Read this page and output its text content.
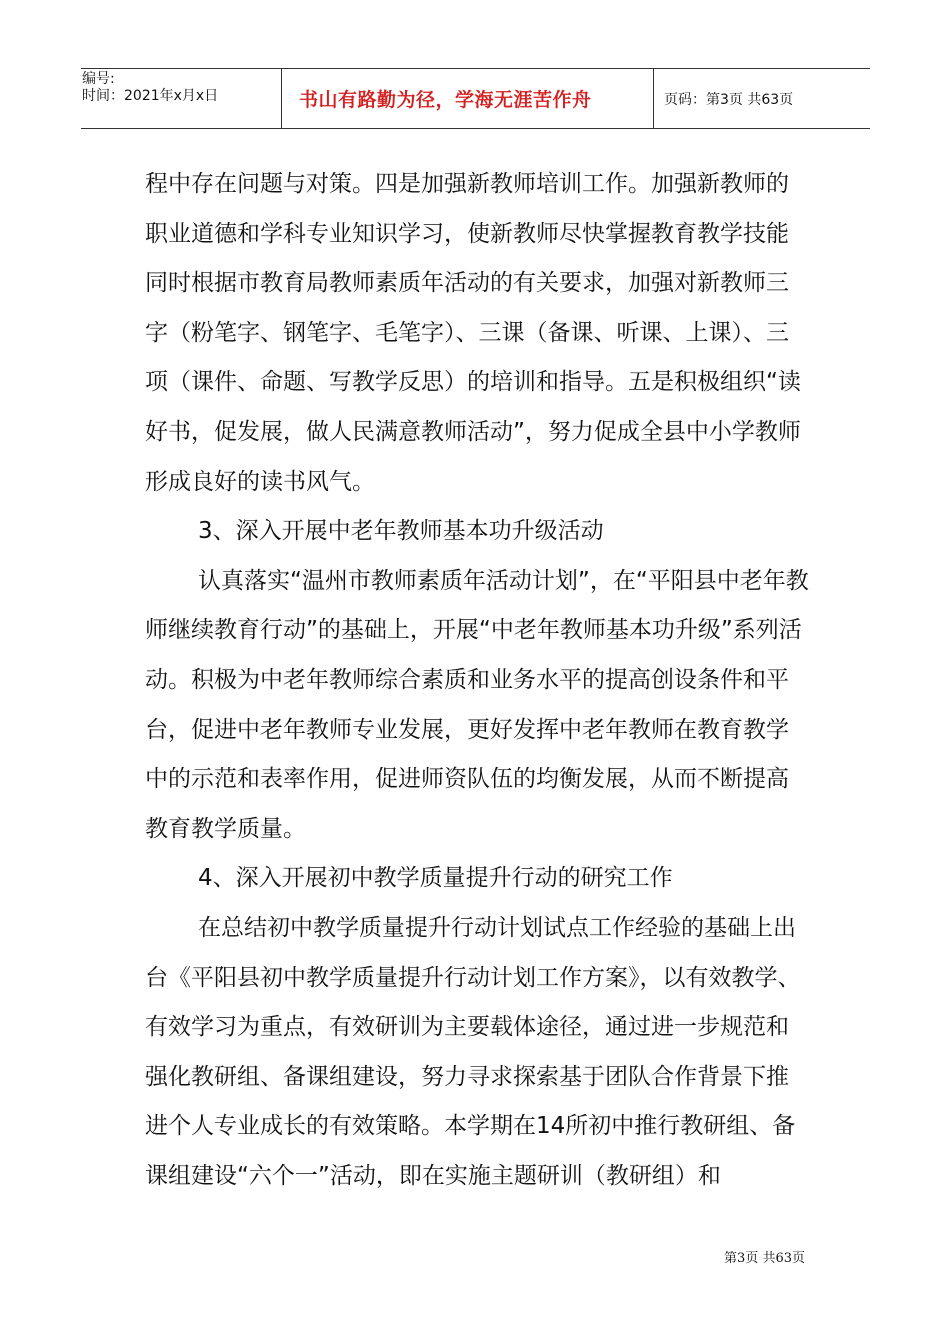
编号:
时间：2021年x月x日	书山有路勤为径，学海无涯苦作舟	页码：第3页 共63页

程中存在问题与对策。四是加强新教师培训工作。加强新教师的职业道德和学科专业知识学习，使新教师尽快掌握教育教学技能同时根据市教育局教师素质年活动的有关要求，加强对新教师三字（粉笔字、钢笔字、毛笔字）、三课（备课、听课、上课）、三项（课件、命题、写教学反思）的培训和指导。五是积极组织“读好书，促发展，做人民满意教师活动”，努力促成全县中小学教师形成良好的读书风气。

3、深入开展中老年教师基本功升级活动

认真落实“温州市教师素质年活动计划”，在“平阳县中老年教师继续教育行动”的基础上，开展“中老年教师基本功升级”系列活动。积极为中老年教师综合素质和业务水平的提高创设条件和平台，促进中老年教师专业发展，更好发挥中老年教师在教育教学中的示范和表率作用，促进师资队伍的均衡发展，从而不断提高教育教学质量。

4、深入开展初中教学质量提升行动的研究工作

在总结初中教学质量提升行动计划试点工作经验的基础上出台《平阳县初中教学质量提升行动计划工作方案》，以有效教学、有效学习为重点，有效研训为主要载体途径，通过进一步规范和强化教研组、备课组建设，努力寻求探索基于团队合作背景下推进个人专业成长的有效策略。本学期在14所初中推行教研组、备课组建设“六个一”活动，即在实施主题研训（教研组）和

第3页 共63页
